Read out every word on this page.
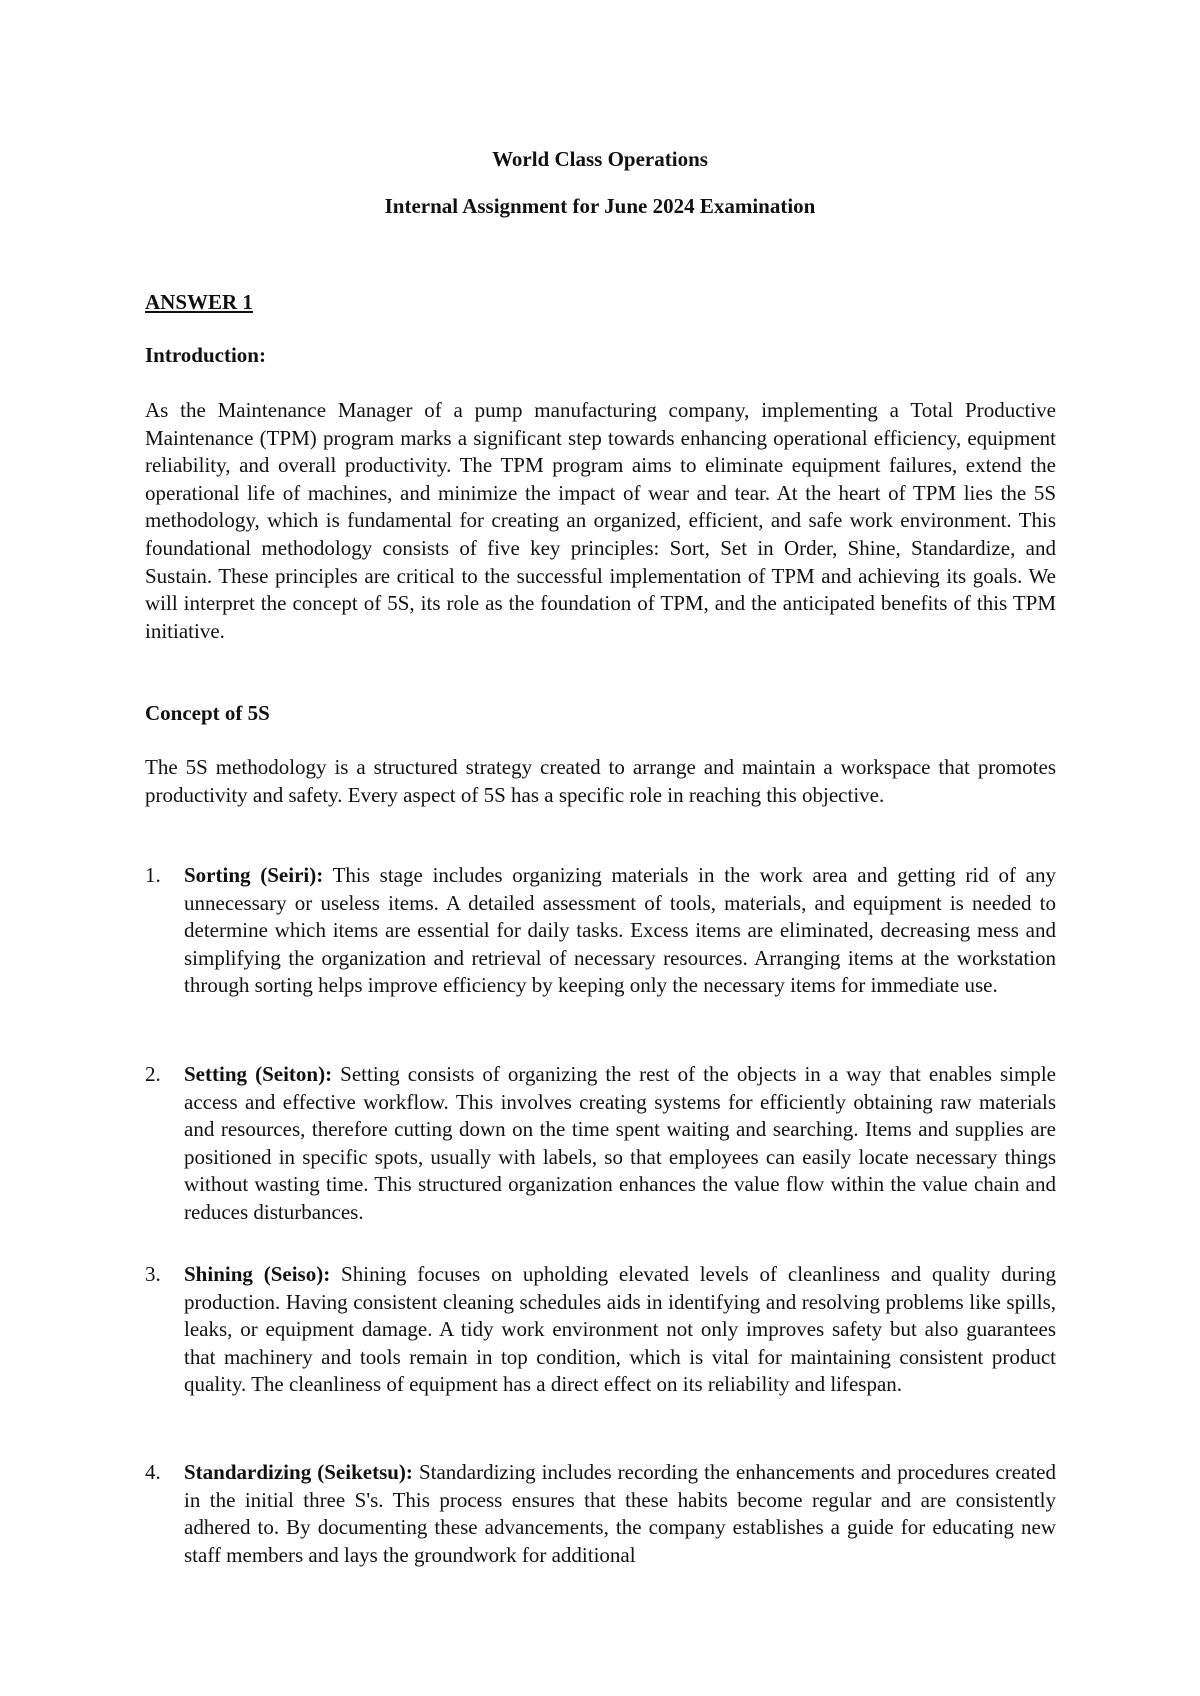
World Class Operations

Internal Assignment for June 2024 Examination

ANSWER 1

Introduction:

As the Maintenance Manager of a pump manufacturing company, implementing a Total Productive Maintenance (TPM) program marks a significant step towards enhancing operational efficiency, equipment reliability, and overall productivity. The TPM program aims to eliminate equipment failures, extend the operational life of machines, and minimize the impact of wear and tear. At the heart of TPM lies the 5S methodology, which is fundamental for creating an organized, efficient, and safe work environment. This foundational methodology consists of five key principles: Sort, Set in Order, Shine, Standardize, and Sustain. These principles are critical to the successful implementation of TPM and achieving its goals. We will interpret the concept of 5S, its role as the foundation of TPM, and the anticipated benefits of this TPM initiative.

Concept of 5S

The 5S methodology is a structured strategy created to arrange and maintain a workspace that promotes productivity and safety. Every aspect of 5S has a specific role in reaching this objective.

1. Sorting (Seiri): This stage includes organizing materials in the work area and getting rid of any unnecessary or useless items. A detailed assessment of tools, materials, and equipment is needed to determine which items are essential for daily tasks. Excess items are eliminated, decreasing mess and simplifying the organization and retrieval of necessary resources. Arranging items at the workstation through sorting helps improve efficiency by keeping only the necessary items for immediate use.

2. Setting (Seiton): Setting consists of organizing the rest of the objects in a way that enables simple access and effective workflow. This involves creating systems for efficiently obtaining raw materials and resources, therefore cutting down on the time spent waiting and searching. Items and supplies are positioned in specific spots, usually with labels, so that employees can easily locate necessary things without wasting time. This structured organization enhances the value flow within the value chain and reduces disturbances.

3. Shining (Seiso): Shining focuses on upholding elevated levels of cleanliness and quality during production. Having consistent cleaning schedules aids in identifying and resolving problems like spills, leaks, or equipment damage. A tidy work environment not only improves safety but also guarantees that machinery and tools remain in top condition, which is vital for maintaining consistent product quality. The cleanliness of equipment has a direct effect on its reliability and lifespan.

4. Standardizing (Seiketsu): Standardizing includes recording the enhancements and procedures created in the initial three S's. This process ensures that these habits become regular and are consistently adhered to. By documenting these advancements, the company establishes a guide for educating new staff members and lays the groundwork for additional
